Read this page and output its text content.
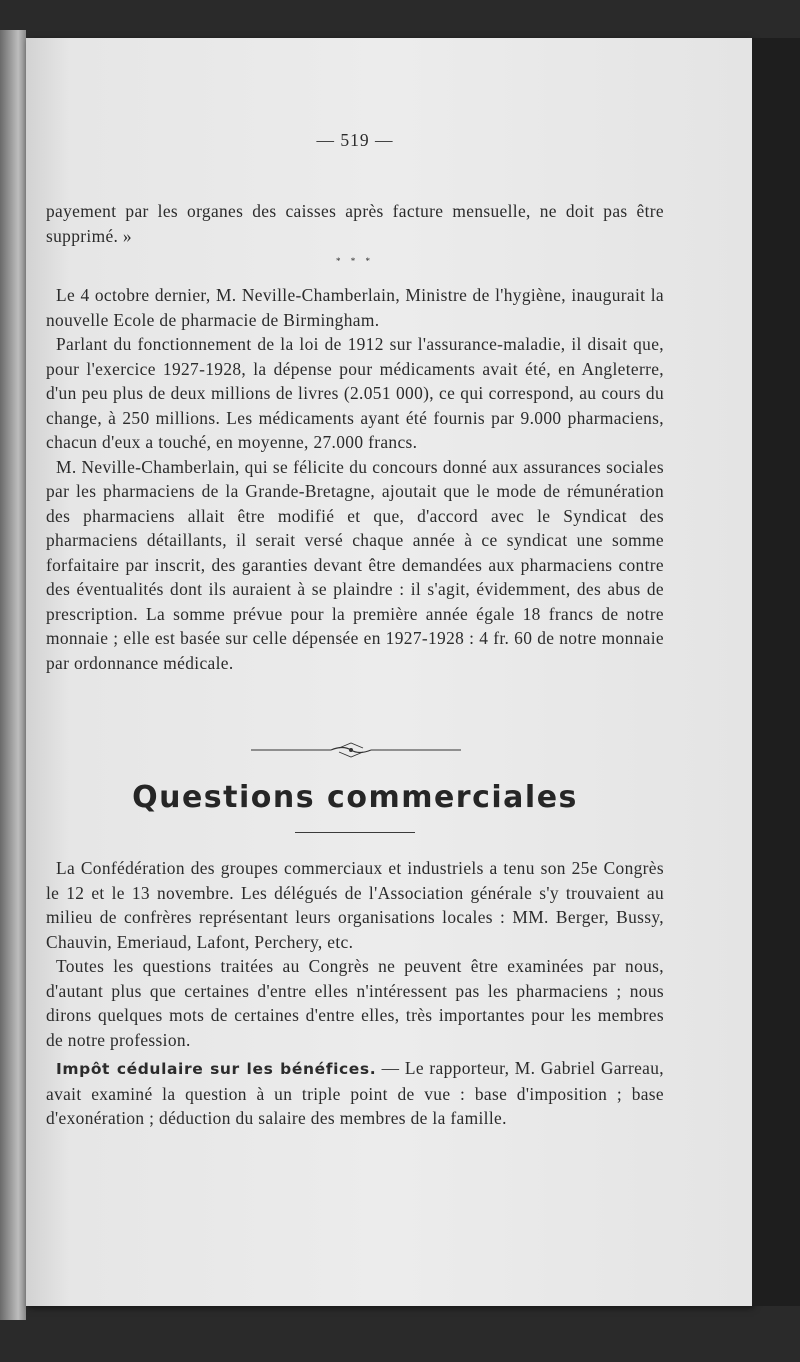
— 519 —

payement par les organes des caisses après facture mensuelle, ne doit pas être supprimé. »

* * *

Le 4 octobre dernier, M. Neville-Chamberlain, Ministre de l'hygiène, inaugurait la nouvelle Ecole de pharmacie de Birmingham.

Parlant du fonctionnement de la loi de 1912 sur l'assurance-maladie, il disait que, pour l'exercice 1927-1928, la dépense pour médicaments avait été, en Angleterre, d'un peu plus de deux millions de livres (2.051 000), ce qui correspond, au cours du change, à 250 millions. Les médicaments ayant été fournis par 9.000 pharmaciens, chacun d'eux a touché, en moyenne, 27.000 francs.

M. Neville-Chamberlain, qui se félicite du concours donné aux assurances sociales par les pharmaciens de la Grande-Bretagne, ajoutait que le mode de rémunération des pharmaciens allait être modifié et que, d'accord avec le Syndicat des pharmaciens détaillants, il serait versé chaque année à ce syndicat une somme forfaitaire par inscrit, des garanties devant être demandées aux pharmaciens contre des éventualités dont ils auraient à se plaindre : il s'agit, évidemment, des abus de prescription. La somme prévue pour la première année égale 18 francs de notre monnaie ; elle est basée sur celle dépensée en 1927-1928 : 4 fr. 60 de notre monnaie par ordonnance médicale.

Questions commerciales

La Confédération des groupes commerciaux et industriels a tenu son 25e Congrès le 12 et le 13 novembre. Les délégués de l'Association générale s'y trouvaient au milieu de confrères représentant leurs organisations locales : MM. Berger, Bussy, Chauvin, Emeriaud, Lafont, Perchery, etc.

Toutes les questions traitées au Congrès ne peuvent être examinées par nous, d'autant plus que certaines d'entre elles n'intéressent pas les pharmaciens ; nous dirons quelques mots de certaines d'entre elles, très importantes pour les membres de notre profession.

Impôt cédulaire sur les bénéfices. — Le rapporteur, M. Gabriel Garreau, avait examiné la question à un triple point de vue : base d'imposition ; base d'exonération ; déduction du salaire des membres de la famille.
